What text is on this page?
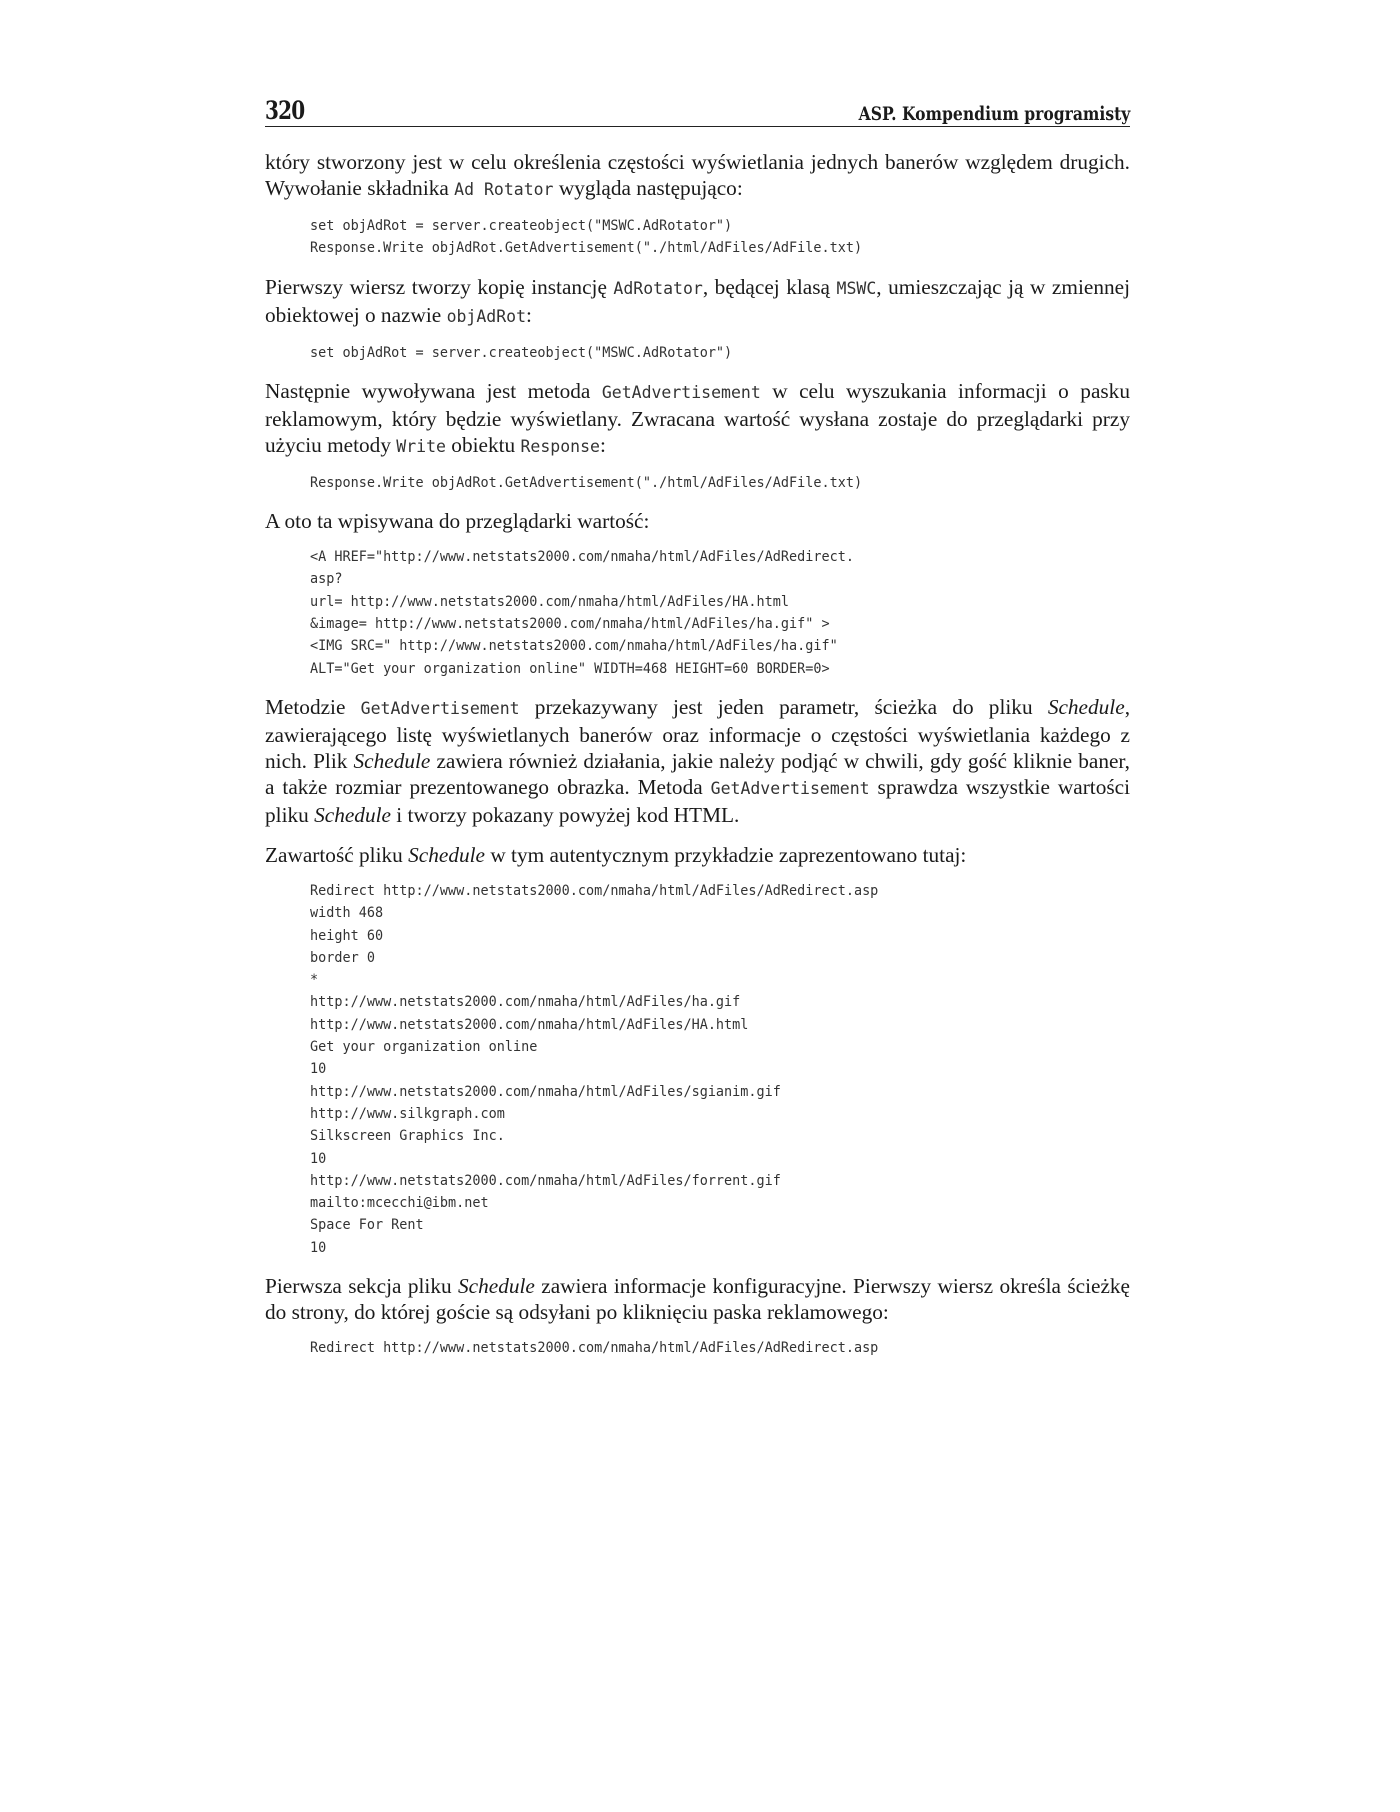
320	ASP. Kompendium programisty

który stworzony jest w celu określenia częstości wyświetlania jednych banerów względem drugich. Wywołanie składnika Ad Rotator wygląda następująco:

set objAdRot = server.createobject("MSWC.AdRotator")
Response.Write objAdRot.GetAdvertisement("./html/AdFiles/AdFile.txt)

Pierwszy wiersz tworzy kopię instancję AdRotator, będącej klasą MSWC, umieszczając ją w zmiennej obiektowej o nazwie objAdRot:

set objAdRot = server.createobject("MSWC.AdRotator")

Następnie wywoływana jest metoda GetAdvertisement w celu wyszukania informacji o pasku reklamowym, który będzie wyświetlany. Zwracana wartość wysłana zostaje do przeglądarki przy użyciu metody Write obiektu Response:

Response.Write objAdRot.GetAdvertisement("./html/AdFiles/AdFile.txt)

A oto ta wpisywana do przeglądarki wartość:

<A HREF="http://www.netstats2000.com/nmaha/html/AdFiles/AdRedirect.
asp?
url= http://www.netstats2000.com/nmaha/html/AdFiles/HA.html
&image= http://www.netstats2000.com/nmaha/html/AdFiles/ha.gif" >
<IMG SRC=" http://www.netstats2000.com/nmaha/html/AdFiles/ha.gif"
ALT="Get your organization online" WIDTH=468 HEIGHT=60 BORDER=0>

Metodzie GetAdvertisement przekazywany jest jeden parametr, ścieżka do pliku Schedule, zawierającego listę wyświetlanych banerów oraz informacje o częstości wyświetlania każdego z nich. Plik Schedule zawiera również działania, jakie należy podjąć w chwili, gdy gość kliknie baner, a także rozmiar prezentowanego obrazka. Metoda GetAdvertisement sprawdza wszystkie wartości pliku Schedule i tworzy pokazany powyżej kod HTML.

Zawartość pliku Schedule w tym autentycznym przykładzie zaprezentowano tutaj:

Redirect http://www.netstats2000.com/nmaha/html/AdFiles/AdRedirect.asp
width 468
height 60
border 0
*
http://www.netstats2000.com/nmaha/html/AdFiles/ha.gif
http://www.netstats2000.com/nmaha/html/AdFiles/HA.html
Get your organization online
10
http://www.netstats2000.com/nmaha/html/AdFiles/sgianim.gif
http://www.silkgraph.com
Silkscreen Graphics Inc.
10
http://www.netstats2000.com/nmaha/html/AdFiles/forrent.gif
mailto:mcecchi@ibm.net
Space For Rent
10

Pierwsza sekcja pliku Schedule zawiera informacje konfiguracyjne. Pierwszy wiersz określa ścieżkę do strony, do której goście są odsyłani po kliknięciu paska reklamowego:

Redirect http://www.netstats2000.com/nmaha/html/AdFiles/AdRedirect.asp
